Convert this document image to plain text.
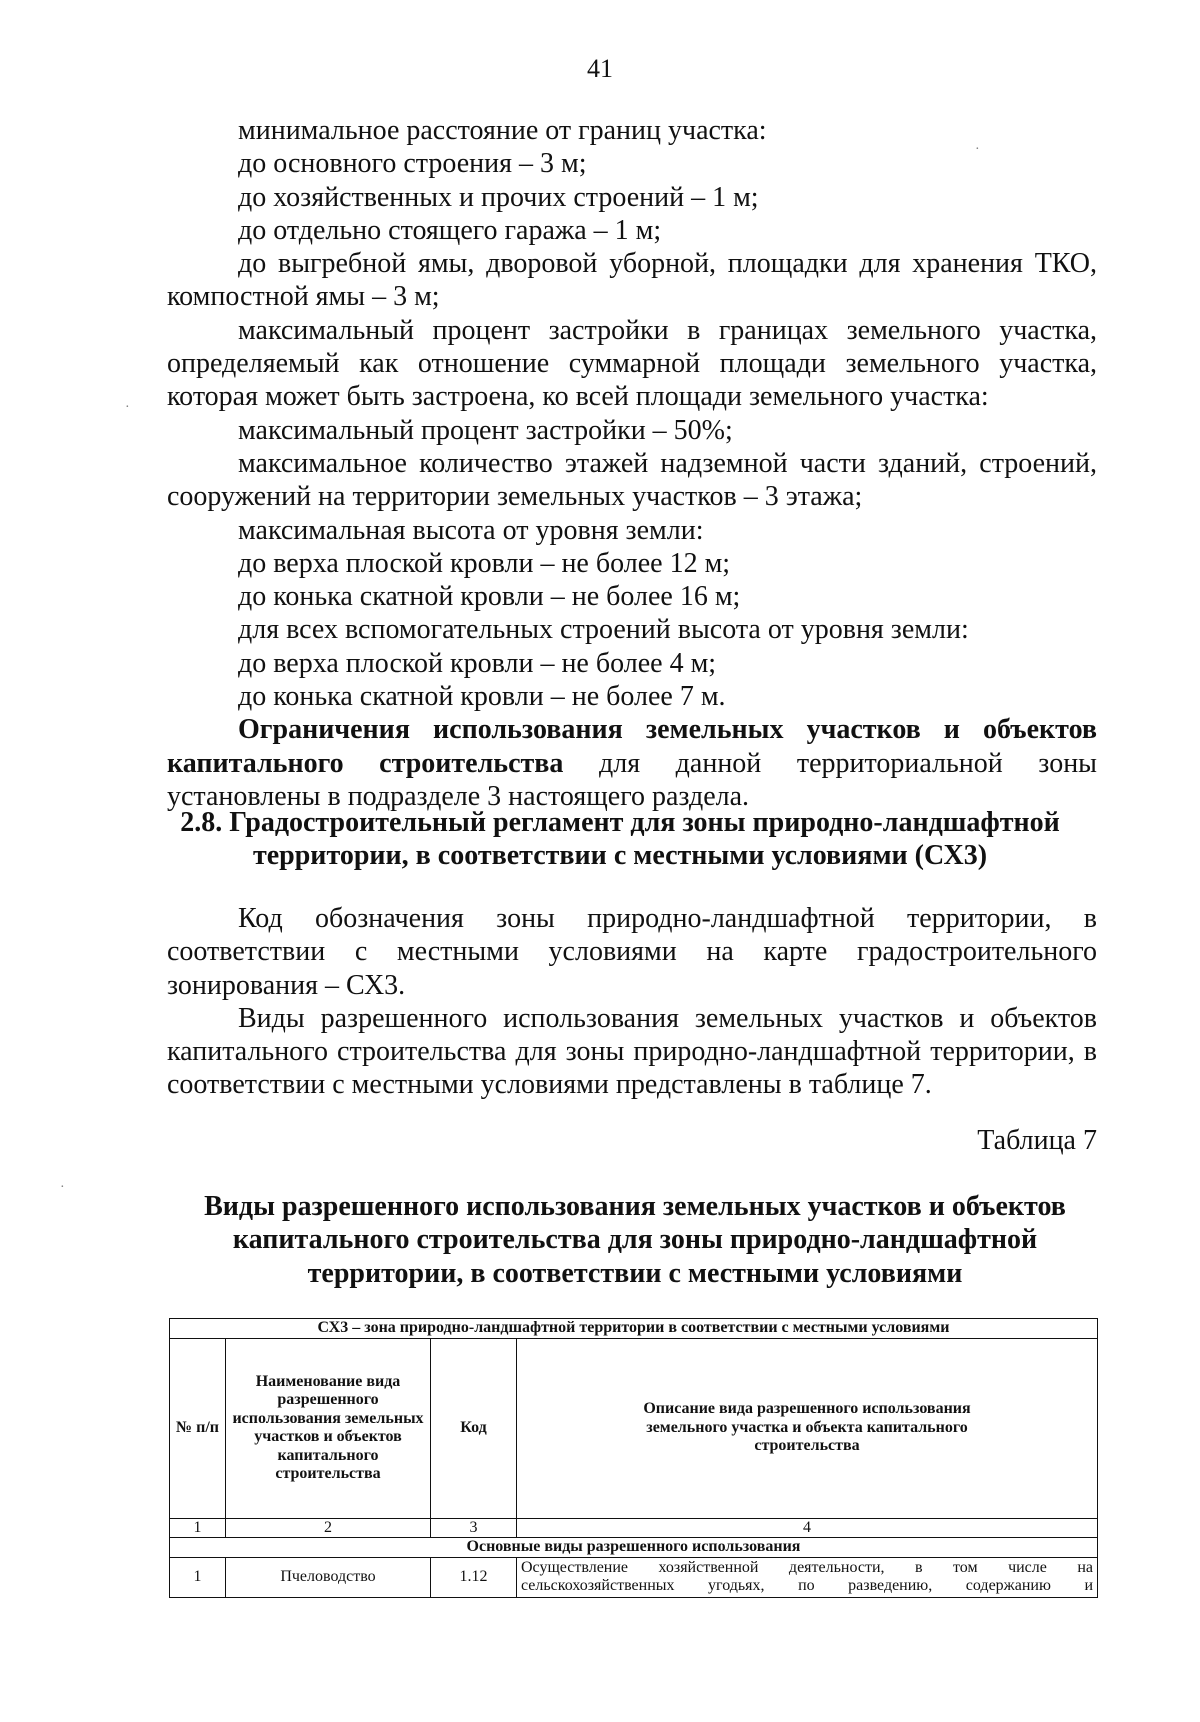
41

минимальное расстояние от границ участка:

до основного строения – 3 м;

до хозяйственных и прочих строений – 1 м;

до отдельно стоящего гаража – 1 м;

до выгребной ямы, дворовой уборной, площадки для хранения ТКО, компостной ямы – 3 м;

максимальный процент застройки в границах земельного участка, определяемый как отношение суммарной площади земельного участка, которая может быть застроена, ко всей площади земельного участка:

максимальный процент застройки – 50%;

максимальное количество этажей надземной части зданий, строений, сооружений на территории земельных участков – 3 этажа;

максимальная высота от уровня земли:

до верха плоской кровли – не более 12 м;

до конька скатной кровли – не более 16 м;

для всех вспомогательных строений высота от уровня земли:

до верха плоской кровли – не более 4 м;

до конька скатной кровли – не более 7 м.

Ограничения использования земельных участков и объектов капитального строительства для данной территориальной зоны установлены в подразделе 3 настоящего раздела.

2.8. Градостроительный регламент для зоны природно-ландшафтной территории, в соответствии с местными условиями (СХ3)

Код обозначения зоны природно-ландшафтной территории, в соответствии с местными условиями на карте градостроительного зонирования – СХ3.

Виды разрешенного использования земельных участков и объектов капитального строительства для зоны природно-ландшафтной территории, в соответствии с местными условиями представлены в таблице 7.

Таблица 7
Виды разрешенного использования земельных участков и объектов капитального строительства для зоны природно-ландшафтной территории, в соответствии с местными условиями
СХ3 – зона природно-ландшафтной территории в соответствии с местными условиями			
№ п/п	Наименование вида разрешенного использования земельных участков и объектов капитального строительства	Код	Описание вида разрешенного использования земельного участка и объекта капитального строительства
1	2	3	4
Основные виды разрешенного использования			
1	Пчеловодство	1.12	Осуществление хозяйственной деятельности, в том числе на
сельскохозяйственных угодьях, по разведению, содержанию и
·
·
·
